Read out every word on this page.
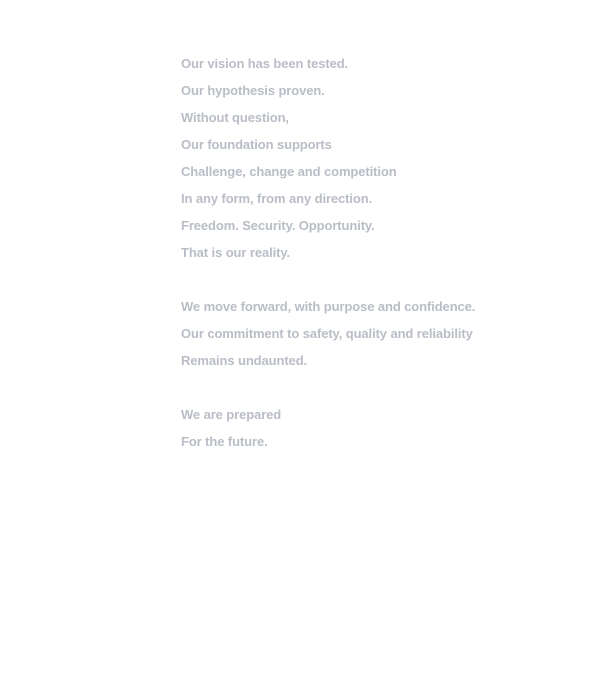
Our vision has been tested.
Our hypothesis proven.
Without question,
Our foundation supports
Challenge, change and competition
In any form, from any direction.
Freedom. Security. Opportunity.
That is our reality.
We move forward, with purpose and confidence.
Our commitment to safety, quality and reliability
Remains undaunted.
We are prepared
For the future.
